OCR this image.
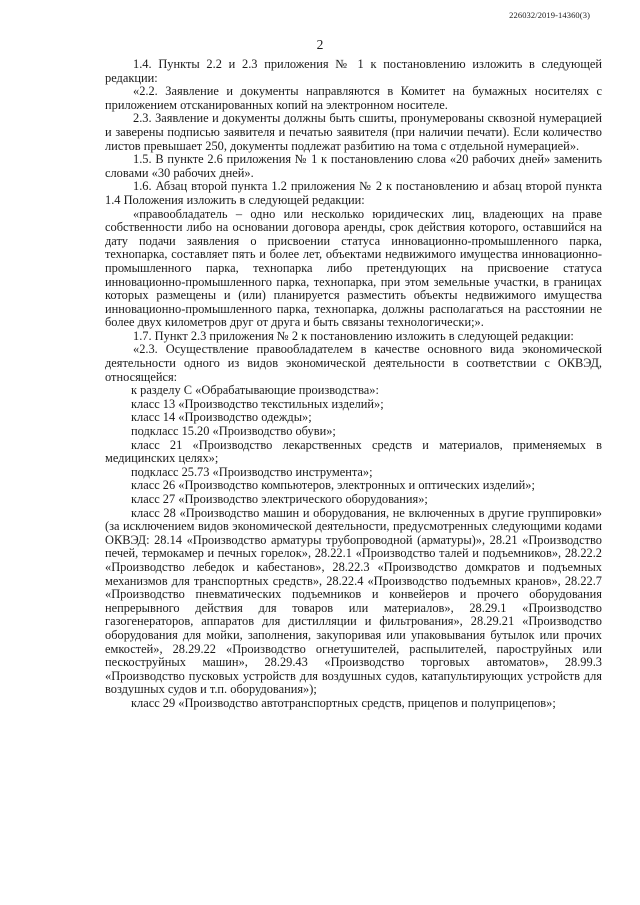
226032/2019-14360(3)
2

1.4. Пункты 2.2 и 2.3 приложения № 1 к постановлению изложить в следующей редакции:

«2.2. Заявление и документы направляются в Комитет на бумажных носителях с приложением отсканированных копий на электронном носителе.

2.3. Заявление и документы должны быть сшиты, пронумерованы сквозной нумерацией и заверены подписью заявителя и печатью заявителя (при наличии печати). Если количество листов превышает 250, документы подлежат разбитию на тома с отдельной нумерацией».

1.5. В пункте 2.6 приложения № 1 к постановлению слова «20 рабочих дней» заменить словами «30 рабочих дней».

1.6. Абзац второй пункта 1.2 приложения № 2 к постановлению и абзац второй пункта 1.4 Положения изложить в следующей редакции:

«правообладатель – одно или несколько юридических лиц, владеющих на праве собственности либо на основании договора аренды, срок действия которого, оставшийся на дату подачи заявления о присвоении статуса инновационно-промышленного парка, технопарка, составляет пять и более лет, объектами недвижимого имущества инновационно-промышленного парка, технопарка либо претендующих на присвоение статуса инновационно-промышленного парка, технопарка, при этом земельные участки, в границах которых размещены и (или) планируется разместить объекты недвижимого имущества инновационно-промышленного парка, технопарка, должны располагаться на расстоянии не более двух километров друг от друга и быть связаны технологически;».

1.7. Пункт 2.3 приложения № 2 к постановлению изложить в следующей редакции:

«2.3. Осуществление правообладателем в качестве основного вида экономической деятельности одного из видов экономической деятельности в соответствии с ОКВЭД, относящейся:

к разделу С «Обрабатывающие производства»:

класс 13 «Производство текстильных изделий»;

класс 14 «Производство одежды»;

подкласс 15.20 «Производство обуви»;

класс 21 «Производство лекарственных средств и материалов, применяемых в медицинских целях»;

подкласс 25.73 «Производство инструмента»;

класс 26 «Производство компьютеров, электронных и оптических изделий»;

класс 27 «Производство электрического оборудования»;

класс 28 «Производство машин и оборудования, не включенных в другие группировки» (за исключением видов экономической деятельности, предусмотренных следующими кодами ОКВЭД: 28.14 «Производство арматуры трубопроводной (арматуры)», 28.21 «Производство печей, термокамер и печных горелок», 28.22.1 «Производство талей и подъемников», 28.22.2 «Производство лебедок и кабестанов», 28.22.3 «Производство домкратов и подъемных механизмов для транспортных средств», 28.22.4 «Производство подъемных кранов», 28.22.7 «Производство пневматических подъемников и конвейеров и прочего оборудования непрерывного действия для товаров или материалов», 28.29.1 «Производство газогенераторов, аппаратов для дистилляции и фильтрования», 28.29.21 «Производство оборудования для мойки, заполнения, закупоривая или упаковывания бутылок или прочих емкостей», 28.29.22 «Производство огнетушителей, распылителей, пароструйных или пескоструйных машин», 28.29.43 «Производство торговых автоматов», 28.99.3 «Производство пусковых устройств для воздушных судов, катапультирующих устройств для воздушных судов и т.п. оборудования»);

класс 29 «Производство автотранспортных средств, прицепов и полуприцепов»;
